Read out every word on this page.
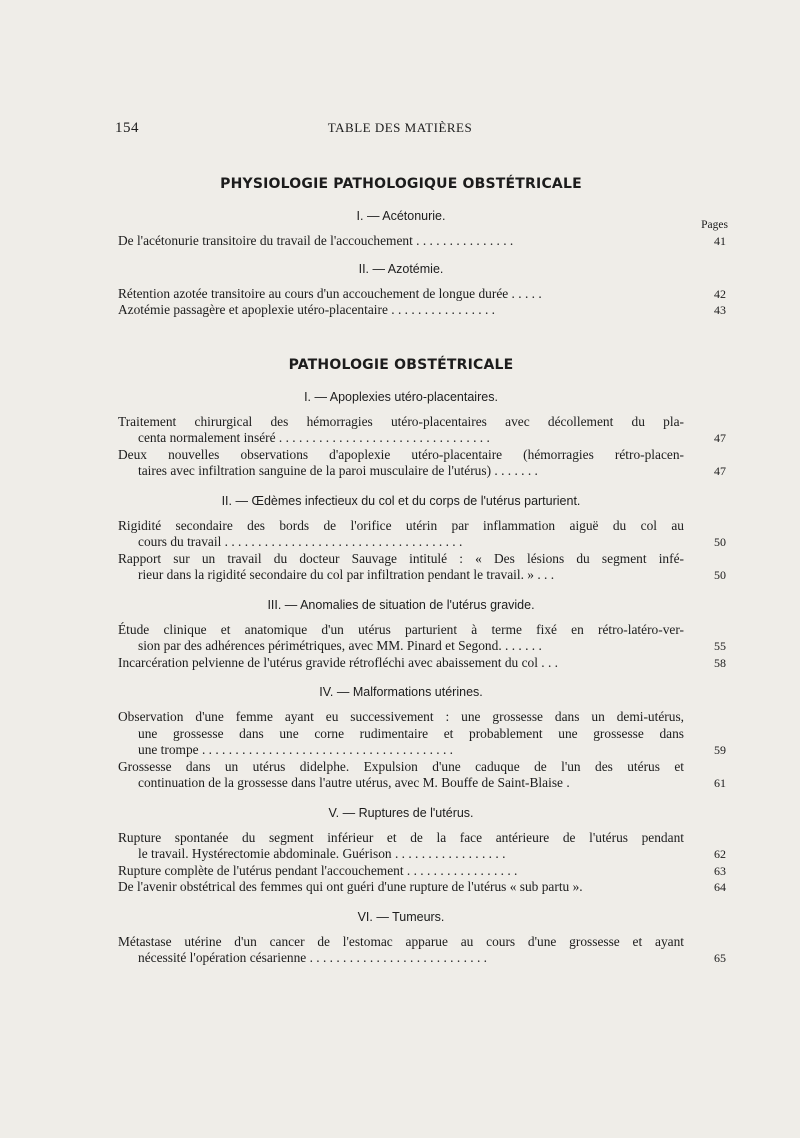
154	TABLE DES MATIÈRES
PHYSIOLOGIE PATHOLOGIQUE OBSTÉTRICALE
I. — Acétonurie.
Pages
De l'acétonurie transitoire du travail de l'accouchement . . . . . . . . . . . . . . .	41
II. — Azotémie.
Rétention azotée transitoire au cours d'un accouchement de longue durée . . . . .	42
Azotémie passagère et apoplexie utéro-placentaire . . . . . . . . . . . . . . . .	43
PATHOLOGIE OBSTÉTRICALE
I. — Apoplexies utéro-placentaires.
Traitement chirurgical des hémorragies utéro-placentaires avec décollement du pla-
centa normalement inséré . . . . . . . . . . . . . . . . . . . . . . . . . . . . . . . .	47
Deux nouvelles observations d'apoplexie utéro-placentaire (hémorragies rétro-placen-
taires avec infiltration sanguine de la paroi musculaire de l'utérus) . . . . . . .	47
II. — Œdèmes infectieux du col et du corps de l'utérus parturient.
Rigidité secondaire des bords de l'orifice utérin par inflammation aiguë du col au
cours du travail . . . . . . . . . . . . . . . . . . . . . . . . . . . . . . . . . . . .	50
Rapport sur un travail du docteur Sauvage intitulé : « Des lésions du segment infé-
rieur dans la rigidité secondaire du col par infiltration pendant le travail. » . . .	50
III. — Anomalies de situation de l'utérus gravide.
Étude clinique et anatomique d'un utérus parturient à terme fixé en rétro-latéro-ver-
sion par des adhérences périmétriques, avec MM. Pinard et Segond. . . . . . .	55
Incarcération pelvienne de l'utérus gravide rétrofléchi avec abaissement du col . . .	58
IV. — Malformations utérines.
Observation d'une femme ayant eu successivement : une grossesse dans un demi-utérus,
une grossesse dans une corne rudimentaire et probablement une grossesse dans
une trompe . . . . . . . . . . . . . . . . . . . . . . . . . . . . . . . . . . . . . .	59
Grossesse dans un utérus didelphe. Expulsion d'une caduque de l'un des utérus et
continuation de la grossesse dans l'autre utérus, avec M. Bouffe de Saint-Blaise .	61
V. — Ruptures de l'utérus.
Rupture spontanée du segment inférieur et de la face antérieure de l'utérus pendant
le travail. Hystérectomie abdominale. Guérison . . . . . . . . . . . . . . . . .	62
Rupture complète de l'utérus pendant l'accouchement . . . . . . . . . . . . . . . . .	63
De l'avenir obstétrical des femmes qui ont guéri d'une rupture de l'utérus « sub partu ».	64
VI. — Tumeurs.
Métastase utérine d'un cancer de l'estomac apparue au cours d'une grossesse et ayant
nécessité l'opération césarienne . . . . . . . . . . . . . . . . . . . . . . . . . . .	65
